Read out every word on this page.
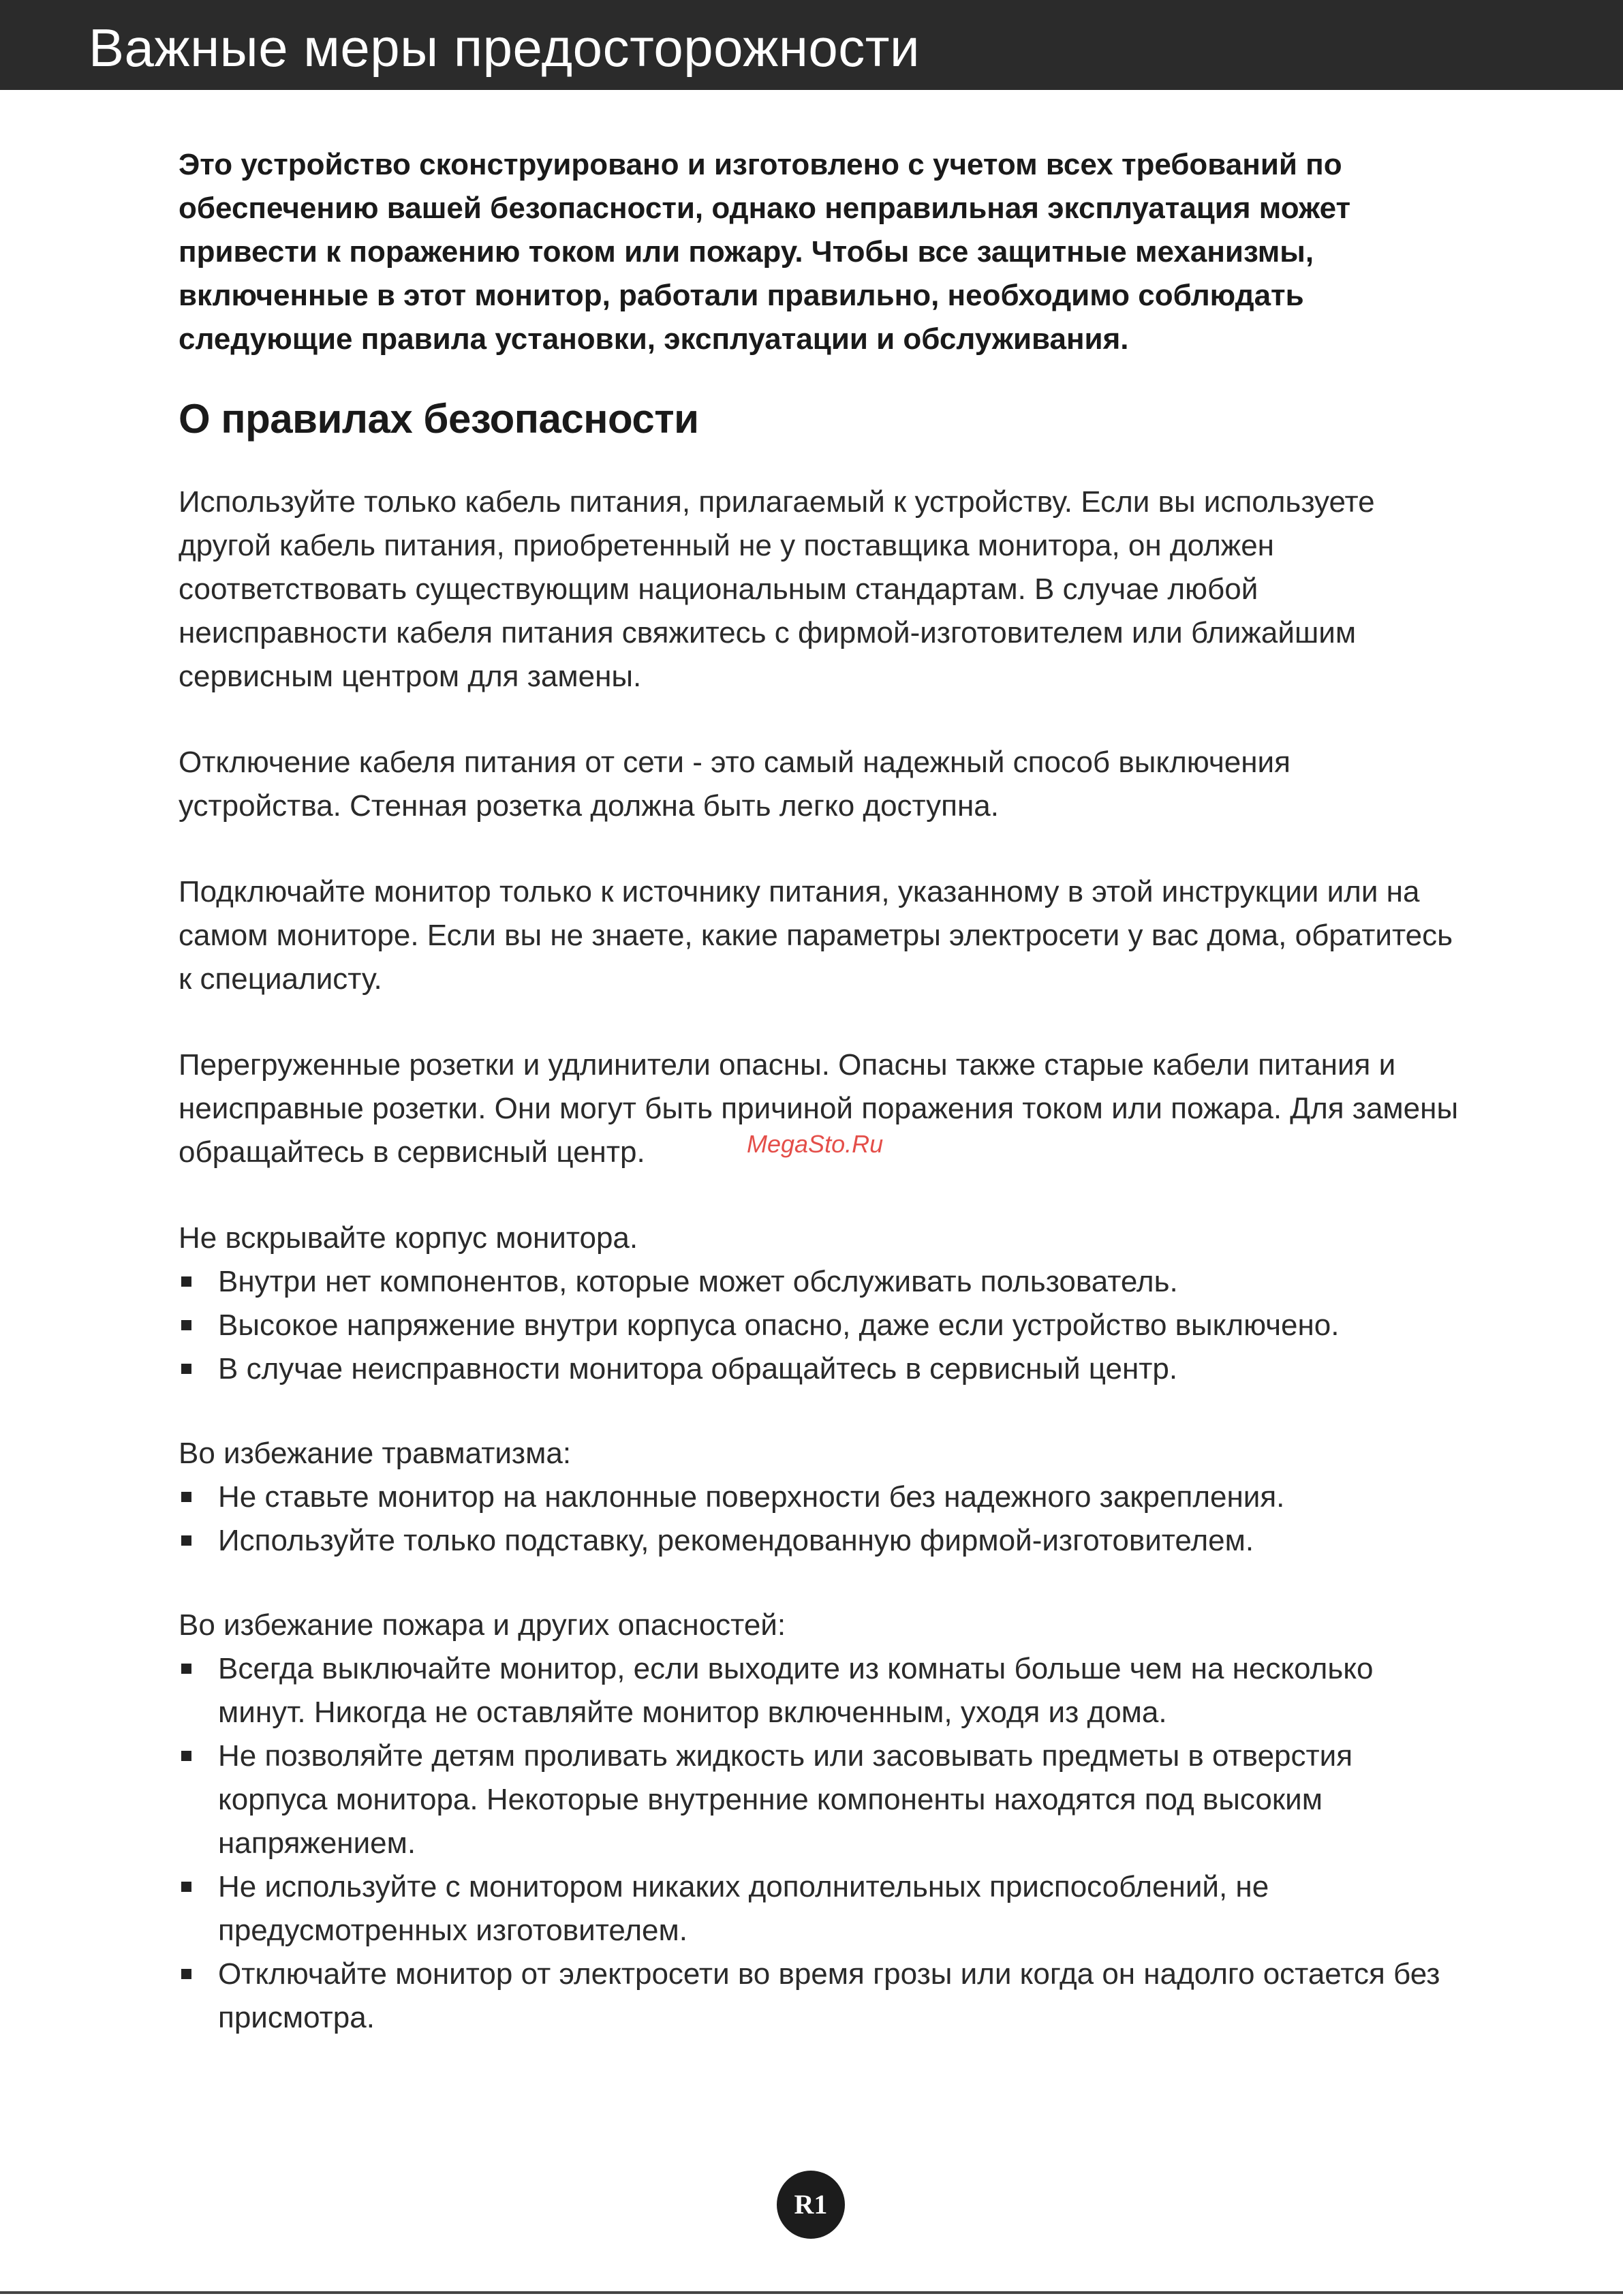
Важные меры предосторожности

Это устройство сконструировано и изготовлено с учетом всех требований по обеспечению вашей безопасности, однако неправильная эксплуатация может привести к поражению током или пожару. Чтобы все защитные механизмы, включенные в этот монитор, работали правильно, необходимо соблюдать следующие правила установки, эксплуатации и обслуживания.

О правилах безопасности

Используйте только кабель питания, прилагаемый к устройству. Если вы используете другой кабель питания, приобретенный не у поставщика монитора, он должен соответствовать существующим национальным стандартам. В случае любой неисправности кабеля питания свяжитесь с фирмой-изготовителем или ближайшим сервисным центром для замены.

Отключение кабеля питания от сети - это самый надежный способ выключения устройства. Стенная розетка должна быть легко доступна.

Подключайте монитор только к источнику питания, указанному в этой инструкции или на самом мониторе. Если вы не знаете, какие параметры электросети у вас дома, обратитесь к специалисту.

Перегруженные розетки и удлинители опасны. Опасны также старые кабели питания и неисправные розетки. Они могут быть причиной поражения током или пожара. Для замены обращайтесь в сервисный центр.

Не вскрывайте корпус монитора.

Внутри нет компонентов, которые может обслуживать пользователь.
Высокое напряжение внутри корпуса опасно, даже если устройство выключено.
В случае неисправности монитора обращайтесь в сервисный центр.

Во избежание травматизма:

Не ставьте монитор на наклонные поверхности без надежного закрепления.
Используйте только подставку, рекомендованную фирмой-изготовителем.

Во избежание пожара и других опасностей:

Всегда выключайте монитор, если выходите из комнаты больше чем на несколько минут. Никогда не оставляйте монитор включенным, уходя из дома.
Не позволяйте детям проливать жидкость или засовывать предметы в отверстия корпуса монитора. Некоторые внутренние компоненты находятся под высоким напряжением.
Не используйте с монитором никаких дополнительных приспособлений, не предусмотренных изготовителем.
Отключайте монитор от электросети во время грозы или когда он надолго остается без присмотра.
MegaSto.Ru
R1
